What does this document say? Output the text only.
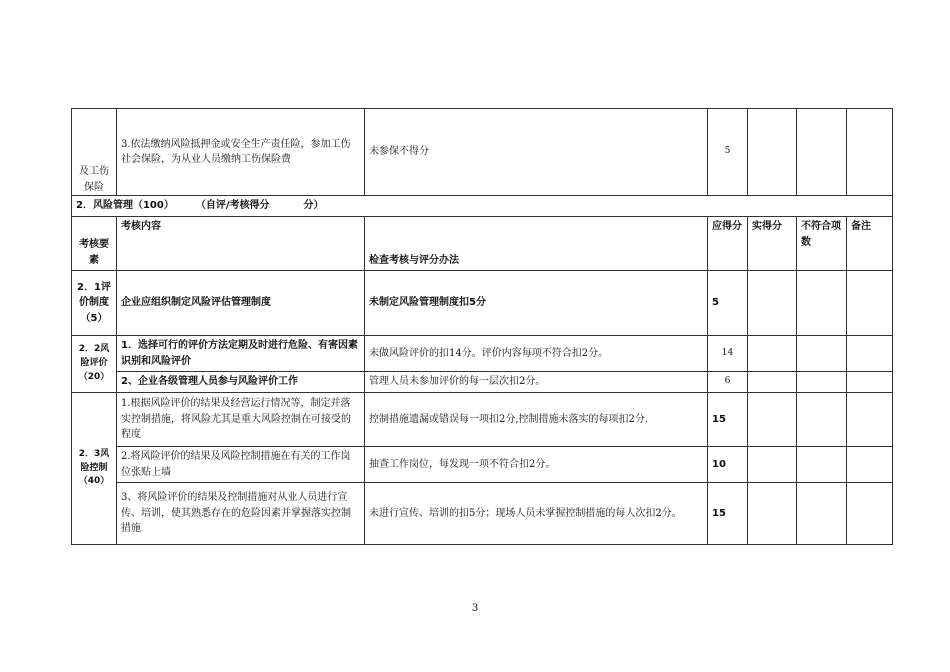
及工伤保险	3.依法缴纳风险抵押金或安全生产责任险，参加工伤社会保险，为从业人员缴纳工伤保险费	未参保不得分	5			
2．风险管理（100） （自评/考核得分 分）						
考核要素	考核内容	检查考核与评分办法	应得分	实得分	不符合项数	备注
2．1评价制度（5）	企业应组织制定风险评估管理制度	未制定风险管理制度扣5分	5			
2．2风险评价（20）	1．选择可行的评价方法定期及时进行危险、有害因素识别和风险评价	未做风险评价的扣14分。评价内容每项不符合扣2分。	14			
	2、企业各级管理人员参与风险评价工作	管理人员未参加评价的每一层次扣2分。	6			
2．3风险控制（40）	1.根据风险评价的结果及经营运行情况等，制定并落实控制措施，将风险尤其是重大风险控制在可接受的程度	控制措施遗漏或错误每一项扣2分,控制措施未落实的每项扣2分.	15			
	2.将风险评价的结果及风险控制措施在有关的工作岗位张贴上墙	抽查工作岗位，每发现一项不符合扣2分。	10			
	3、将风险评价的结果及控制措施对从业人员进行宣传、培训，使其熟悉存在的危险因素并掌握落实控制措施	未进行宣传、培训的扣5分；现场人员未掌握控制措施的每人次扣2分。	15			
3
